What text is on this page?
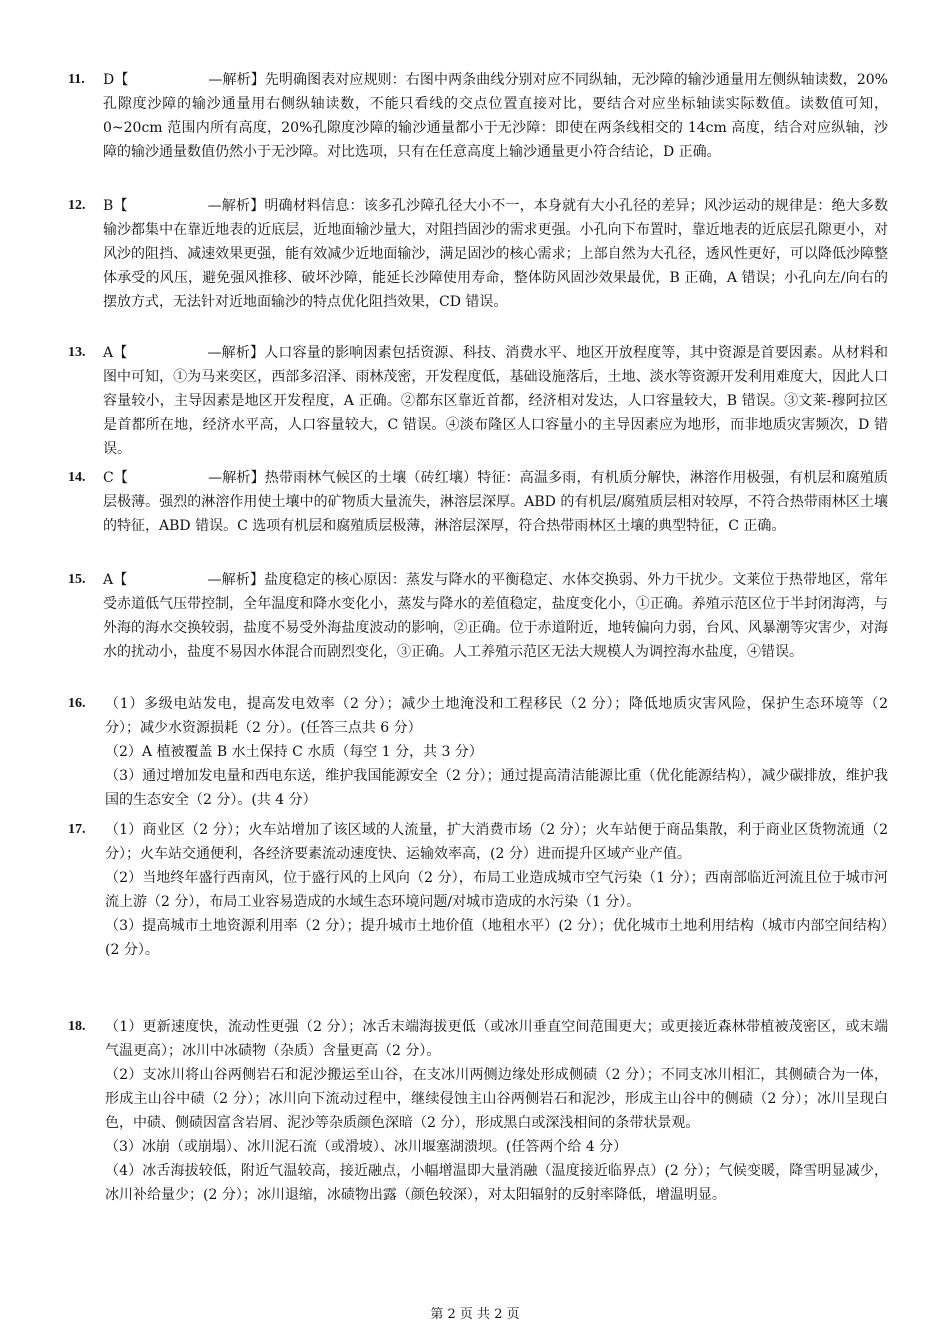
11. D【	—解析】先明确图表对应规则：右图中两条曲线分别对应不同纵轴，无沙障的输沙通量用左侧纵轴读数，20%孔隙度沙障的输沙通量用右侧纵轴读数，不能只看线的交点位置直接对比，要结合对应坐标轴读实际数值。读数值可知，0~20cm 范围内所有高度，20%孔隙度沙障的输沙通量都小于无沙障：即使在两条线相交的 14cm 高度，结合对应纵轴，沙障的输沙通量数值仍然小于无沙障。对比选项，只有在任意高度上输沙通量更小符合结论，D 正确。
12. B【	—解析】明确材料信息：该多孔沙障孔径大小不一，本身就有大小孔径的差异；风沙运动的规律是：绝大多数输沙都集中在靠近地表的近底层，近地面输沙量大，对阻挡固沙的需求更强。小孔向下布置时，靠近地表的近底层孔隙更小，对风沙的阻挡、减速效果更强，能有效减少近地面输沙，满足固沙的核心需求；上部自然为大孔径，透风性更好，可以降低沙障整体承受的风压，避免强风推移、破坏沙障，能延长沙障使用寿命，整体防风固沙效果最优，B 正确，A 错误；小孔向左/向右的摆放方式，无法针对近地面输沙的特点优化阻挡效果，CD 错误。
13. A【	—解析】人口容量的影响因素包括资源、科技、消费水平、地区开放程度等，其中资源是首要因素。从材料和图中可知，①为马来奕区，西部多沼泽、雨林茂密，开发程度低，基础设施落后，土地、淡水等资源开发利用难度大，因此人口容量较小，主导因素是地区开发程度，A 正确。②都东区靠近首都，经济相对发达，人口容量较大，B 错误。③文莱-穆阿拉区是首都所在地，经济水平高，人口容量较大，C 错误。④淡布隆区人口容量小的主导因素应为地形，而非地质灾害频次，D 错误。
14. C【	—解析】热带雨林气候区的土壤（砖红壤）特征：高温多雨，有机质分解快，淋溶作用极强，有机层和腐殖质层极薄。强烈的淋溶作用使土壤中的矿物质大量流失，淋溶层深厚。ABD 的有机层/腐殖质层相对较厚，不符合热带雨林区土壤的特征，ABD 错误。C 选项有机层和腐殖质层极薄，淋溶层深厚，符合热带雨林区土壤的典型特征，C 正确。
15. A【	—解析】盐度稳定的核心原因：蒸发与降水的平衡稳定、水体交换弱、外力干扰少。文莱位于热带地区，常年受赤道低气压带控制，全年温度和降水变化小，蒸发与降水的差值稳定，盐度变化小，①正确。养殖示范区位于半封闭海湾，与外海的海水交换较弱，盐度不易受外海盐度波动的影响，②正确。位于赤道附近，地转偏向力弱，台风、风暴潮等灾害少，对海水的扰动小，盐度不易因水体混合而剧烈变化，③正确。人工养殖示范区无法大规模人为调控海水盐度，④错误。
16. （1）多级电站发电，提高发电效率（2 分）；减少土地淹没和工程移民（2 分）；降低地质灾害风险，保护生态环境等（2 分）；减少水资源损耗（2 分）。(任答三点共 6 分）
（2）A 植被覆盖 B 水土保持 C 水质（每空 1 分，共 3 分）
（3）通过增加发电量和西电东送，维护我国能源安全（2 分）；通过提高清洁能源比重（优化能源结构），减少碳排放，维护我国的生态安全（2 分）。(共 4 分）
17. （1）商业区（2 分）；火车站增加了该区域的人流量，扩大消费市场（2 分）；火车站便于商品集散，利于商业区货物流通（2 分）；火车站交通便利，各经济要素流动速度快、运输效率高，(2 分）进而提升区域产业产值。
（2）当地终年盛行西南风，位于盛行风的上风向（2 分），布局工业造成城市空气污染（1 分）；西南部临近河流且位于城市河流上游（2 分），布局工业容易造成的水域生态环境问题/对城市造成的水污染（1 分）。
（3）提高城市土地资源利用率（2 分）；提升城市土地价值（地租水平）(2 分）；优化城市土地利用结构（城市内部空间结构）(2 分）。
18. （1）更新速度快，流动性更强（2 分）；冰舌末端海拔更低（或冰川垂直空间范围更大；或更接近森林带植被茂密区，或末端气温更高）；冰川中冰碛物（杂质）含量更高（2 分）。
（2）支冰川将山谷两侧岩石和泥沙搬运至山谷，在支冰川两侧边缘处形成侧碛（2 分）；不同支冰川相汇，其侧碛合为一体，形成主山谷中碛（2 分）；冰川向下流动过程中，继续侵蚀主山谷两侧岩石和泥沙，形成主山谷中的侧碛（2 分）；冰川呈现白色，中碛、侧碛因富含岩屑、泥沙等杂质颜色深暗（2 分），形成黑白或深浅相间的条带状景观。
（3）冰崩（或崩塌）、冰川泥石流（或滑坡）、冰川堰塞湖溃坝。(任答两个给 4 分）
（4）冰舌海拔较低，附近气温较高，接近融点，小幅增温即大量消融（温度接近临界点）(2 分）；气候变暖，降雪明显减少，冰川补给量少；(2 分）；冰川退缩，冰碛物出露（颜色较深），对太阳辐射的反射率降低，增温明显。
第 2 页 共 2 页
